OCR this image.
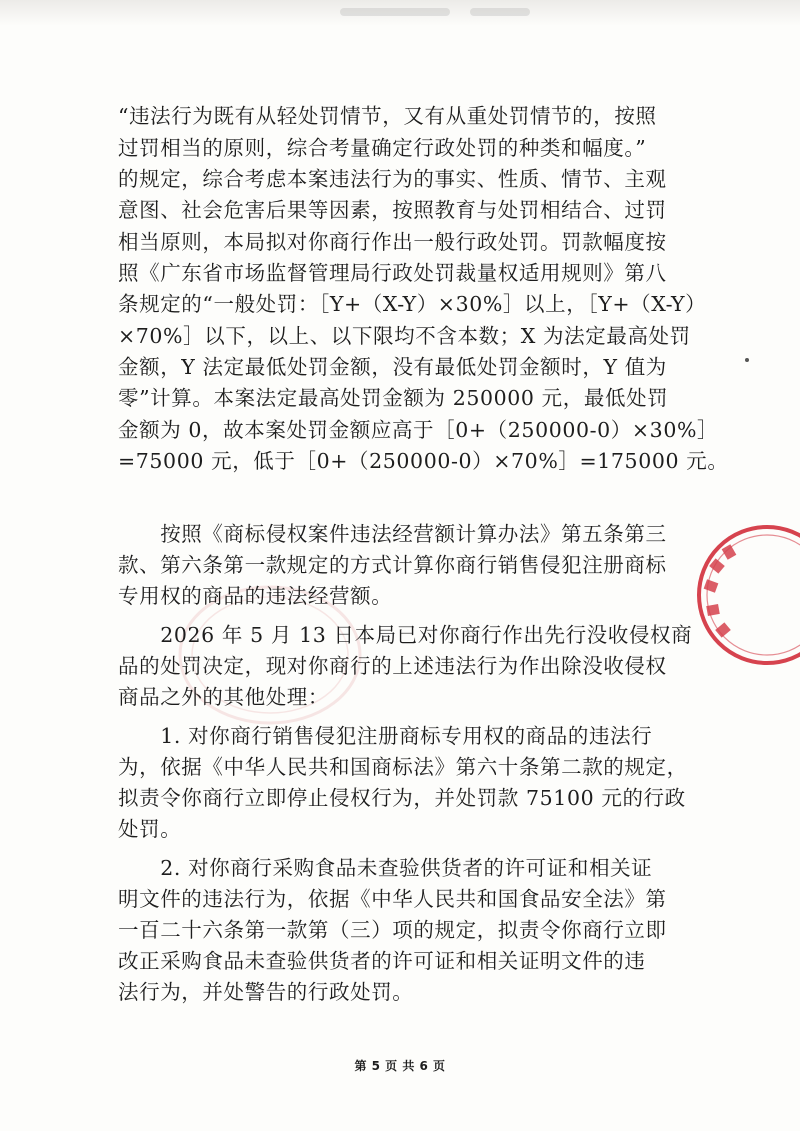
“违法行为既有从轻处罚情节，又有从重处罚情节的，按照
过罚相当的原则，综合考量确定行政处罚的种类和幅度。”
的规定，综合考虑本案违法行为的事实、性质、情节、主观
意图、社会危害后果等因素，按照教育与处罚相结合、过罚
相当原则，本局拟对你商行作出一般行政处罚。罚款幅度按
照《广东省市场监督管理局行政处罚裁量权适用规则》第八
条规定的“一般处罚：［Y+（X-Y）×30%］以上，［Y+（X-Y）
×70%］以下，以上、以下限均不含本数；X 为法定最高处罚
金额，Y 法定最低处罚金额，没有最低处罚金额时，Y 值为
零”计算。本案法定最高处罚金额为 250000 元，最低处罚
金额为 0，故本案处罚金额应高于［0+（250000-0）×30%］
=75000 元，低于［0+（250000-0）×70%］=175000 元。
　　按照《商标侵权案件违法经营额计算办法》第五条第三
款、第六条第一款规定的方式计算你商行销售侵犯注册商标
专用权的商品的违法经营额。
　　2026 年 5 月 13 日本局已对你商行作出先行没收侵权商
品的处罚决定，现对你商行的上述违法行为作出除没收侵权
商品之外的其他处理：
　　1. 对你商行销售侵犯注册商标专用权的商品的违法行
为，依据《中华人民共和国商标法》第六十条第二款的规定，
拟责令你商行立即停止侵权行为，并处罚款 75100 元的行政
处罚。
　　2. 对你商行采购食品未查验供货者的许可证和相关证
明文件的违法行为，依据《中华人民共和国食品安全法》第
一百二十六条第一款第（三）项的规定，拟责令你商行立即
改正采购食品未查验供货者的许可证和相关证明文件的违
法行为，并处警告的行政处罚。
第 5 页 共 6 页
